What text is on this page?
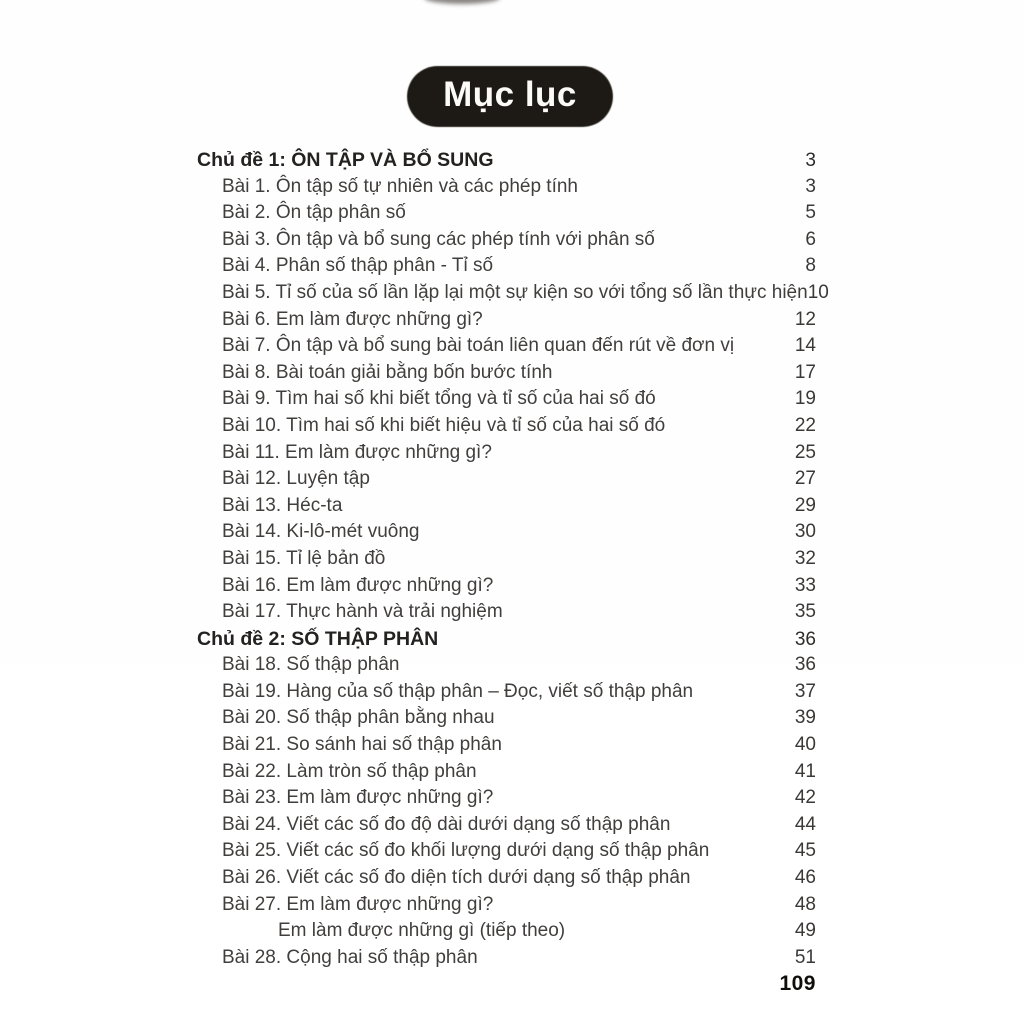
Mục lục
Chủ đề 1: ÔN TẬP VÀ BỔ SUNG	3
Bài 1. Ôn tập số tự nhiên và các phép tính	3
Bài 2. Ôn tập phân số	5
Bài 3. Ôn tập và bổ sung các phép tính với phân số	6
Bài 4. Phân số thập phân - Tỉ số	8
Bài 5. Tỉ số của số lần lặp lại một sự kiện so với tổng số lần thực hiện 10
Bài 6. Em làm được những gì?	12
Bài 7. Ôn tập và bổ sung bài toán liên quan đến rút về đơn vị	14
Bài 8. Bài toán giải bằng bốn bước tính	17
Bài 9. Tìm hai số khi biết tổng và tỉ số của hai số đó	19
Bài 10. Tìm hai số khi biết hiệu và tỉ số của hai số đó	22
Bài 11. Em làm được những gì?	25
Bài 12. Luyện tập	27
Bài 13. Héc-ta	29
Bài 14. Ki-lô-mét vuông	30
Bài 15. Tỉ lệ bản đồ	32
Bài 16. Em làm được những gì?	33
Bài 17. Thực hành và trải nghiệm	35
Chủ đề 2: SỐ THẬP PHÂN	36
Bài 18. Số thập phân	36
Bài 19. Hàng của số thập phân – Đọc, viết số thập phân	37
Bài 20. Số thập phân bằng nhau	39
Bài 21. So sánh hai số thập phân	40
Bài 22. Làm tròn số thập phân	41
Bài 23. Em làm được những gì?	42
Bài 24. Viết các số đo độ dài dưới dạng số thập phân	44
Bài 25. Viết các số đo khối lượng dưới dạng số thập phân	45
Bài 26. Viết các số đo diện tích dưới dạng số thập phân	46
Bài 27. Em làm được những gì?	48
Em làm được những gì (tiếp theo)	49
Bài 28. Cộng hai số thập phân	51
109
